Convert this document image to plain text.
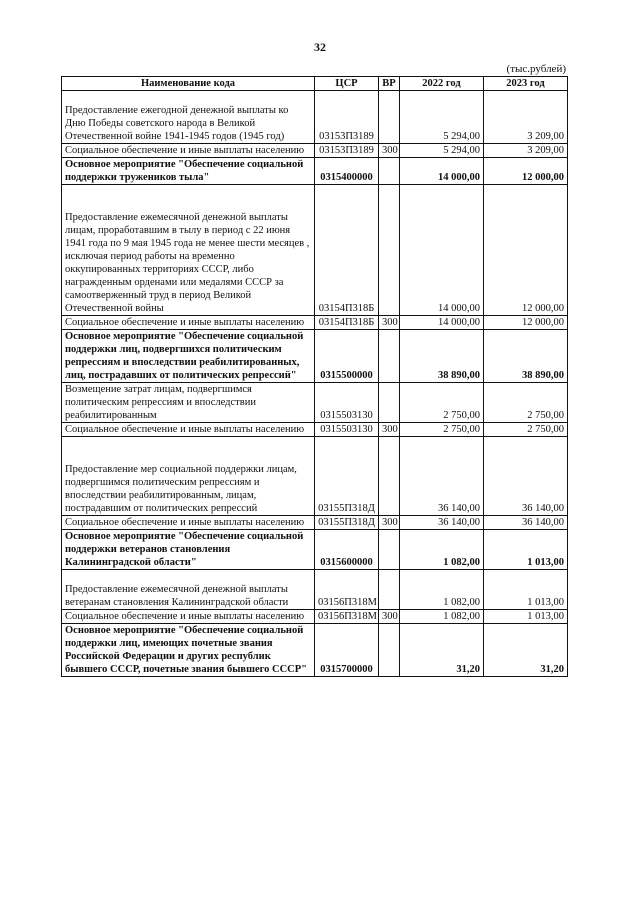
32
(тыс.рублей)
Наименование кода	ЦСР	ВР	2022 год	2023 год

Предоставление ежегодной денежной выплаты ко Дню Победы советского народа в Великой Отечественной войне 1941-1945 годов (1945 год)	03153П3189		5 294,00	3 209,00
Социальное обеспечение и иные выплаты населению	03153П3189	300	5 294,00	3 209,00
Основное мероприятие "Обеспечение социальной поддержки тружеников тыла"	0315400000		14 000,00	12 000,00

Предоставление ежемесячной денежной выплаты лицам, проработавшим в тылу в период с 22 июня 1941 года по 9 мая 1945 года не менее шести месяцев , исключая период работы на временно оккупированных территориях СССР, либо награжденным орденами или медалями СССР за самоотверженный труд в период Великой Отечественной войны	03154П318Б		14 000,00	12 000,00
Социальное обеспечение и иные выплаты населению	03154П318Б	300	14 000,00	12 000,00
Основное мероприятие "Обеспечение социальной поддержки лиц, подвергшихся политическим репрессиям и впоследствии реабилитированных, лиц, пострадавших от политических репрессий"	0315500000		38 890,00	38 890,00
Возмещение затрат лицам, подвергшимся политическим репрессиям и впоследствии реабилитированным	0315503130		2 750,00	2 750,00
Социальное обеспечение и иные выплаты населению	0315503130	300	2 750,00	2 750,00

Предоставление мер социальной поддержки лицам, подвергшимся политическим репрессиям и впоследствии реабилитированным, лицам, пострадавшим от политических репрессий	03155П318Д		36 140,00	36 140,00
Социальное обеспечение и иные выплаты населению	03155П318Д	300	36 140,00	36 140,00
Основное мероприятие "Обеспечение социальной поддержки ветеранов становления Калининградской области"	0315600000		1 082,00	1 013,00

Предоставление ежемесячной денежной выплаты ветеранам становления Калининградской области	03156П318М		1 082,00	1 013,00
Социальное обеспечение и иные выплаты населению	03156П318М	300	1 082,00	1 013,00
Основное мероприятие "Обеспечение социальной поддержки лиц, имеющих почетные звания Российской Федерации и других республик бывшего СССР, почетные звания бывшего СССР"	0315700000		31,20	31,20
